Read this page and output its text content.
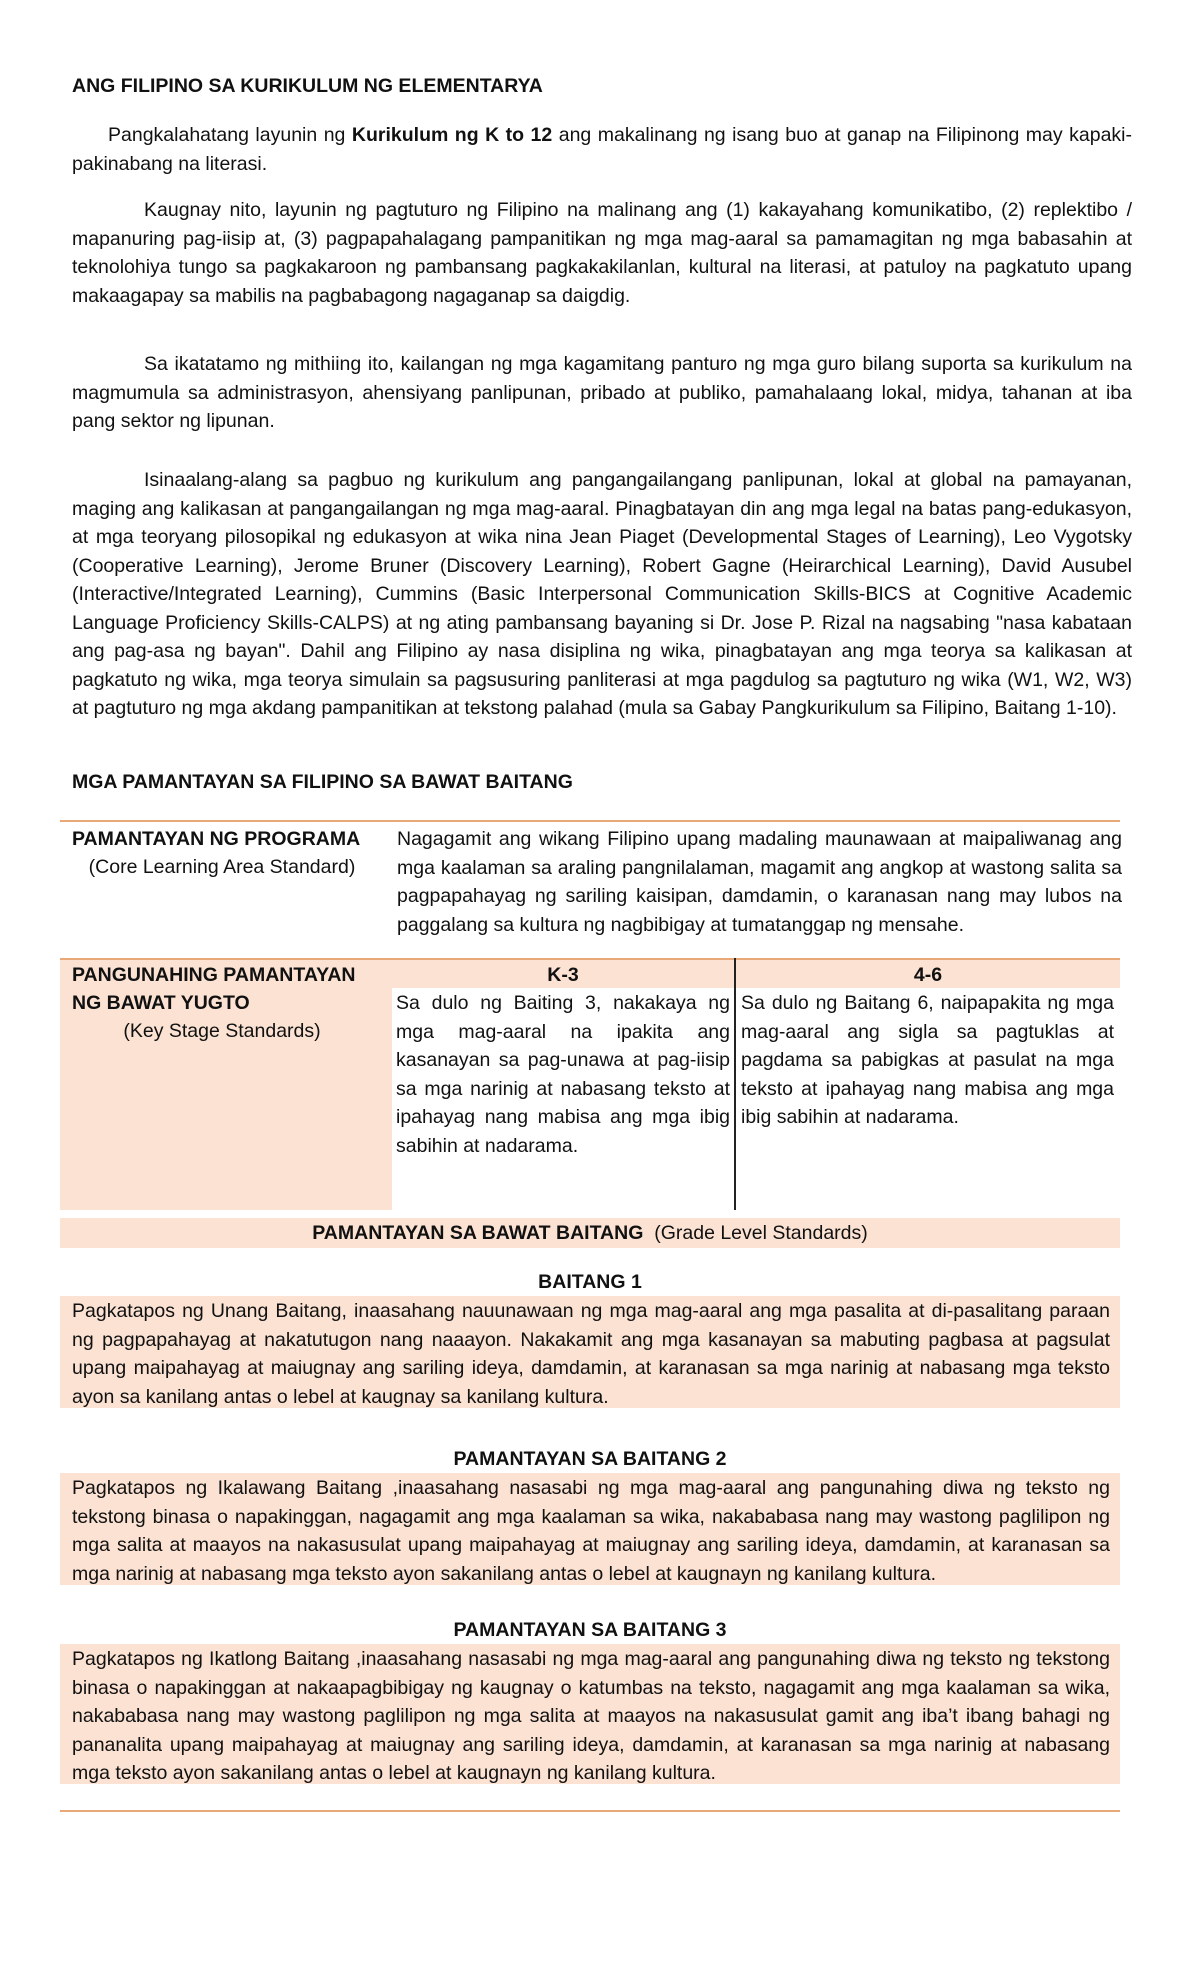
ANG FILIPINO SA KURIKULUM NG ELEMENTARYA

Pangkalahatang layunin ng Kurikulum ng K to 12 ang makalinang ng isang buo at ganap na Filipinong may kapaki-pakinabang na literasi.

Kaugnay nito, layunin ng pagtuturo ng Filipino na malinang ang (1) kakayahang komunikatibo, (2) replektibo / mapanuring pag-iisip at, (3) pagpapahalagang pampanitikan ng mga mag-aaral sa pamamagitan ng mga babasahin at teknolohiya tungo sa pagkakaroon ng pambansang pagkakakilanlan, kultural na literasi, at patuloy na pagkatuto upang makaagapay sa mabilis na pagbabagong nagaganap sa daigdig.

Sa ikatatamo ng mithiing ito, kailangan ng mga kagamitang panturo ng mga guro bilang suporta sa kurikulum na magmumula sa administrasyon, ahensiyang panlipunan, pribado at publiko, pamahalaang lokal, midya, tahanan at iba pang sektor ng lipunan.

Isinaalang-alang sa pagbuo ng kurikulum ang pangangailangang panlipunan, lokal at global na pamayanan, maging ang kalikasan at pangangailangan ng mga mag-aaral. Pinagbatayan din ang mga legal na batas pang-edukasyon, at mga teoryang pilosopikal ng edukasyon at wika nina Jean Piaget (Developmental Stages of Learning), Leo Vygotsky (Cooperative Learning), Jerome Bruner (Discovery Learning), Robert Gagne (Heirarchical Learning), David Ausubel (Interactive/Integrated Learning), Cummins (Basic Interpersonal Communication Skills-BICS at Cognitive Academic Language Proficiency Skills-CALPS) at ng ating pambansang bayaning si Dr. Jose P. Rizal na nagsabing "nasa kabataan ang pag-asa ng bayan". Dahil ang Filipino ay nasa disiplina ng wika, pinagbatayan ang mga teorya sa kalikasan at pagkatuto ng wika, mga teorya simulain sa pagsusuring panliterasi at mga pagdulog sa pagtuturo ng wika (W1, W2, W3) at pagtuturo ng mga akdang pampanitikan at tekstong palahad (mula sa Gabay Pangkurikulum sa Filipino, Baitang 1-10).

MGA PAMANTAYAN SA FILIPINO SA BAWAT BAITANG
PAMANTAYAN NG PROGRAMA
(Core Learning Area Standard)
Nagagamit ang wikang Filipino upang madaling maunawaan at maipaliwanag ang mga kaalaman sa araling pangnilalaman, magamit ang angkop at wastong salita sa pagpapahayag ng sariling kaisipan, damdamin, o karanasan nang may lubos na paggalang sa kultura ng nagbibigay at tumatanggap ng mensahe.
PANGUNAHING PAMANTAYAN
NG BAWAT YUGTO
(Key Stage Standards)
K-3	4-6
Sa dulo ng Baiting 3, nakakaya ng mga mag-aaral na ipakita ang kasanayan sa pag-unawa at pag-iisip sa mga narinig at nabasang teksto at ipahayag nang mabisa ang mga ibig sabihin at nadarama.
Sa dulo ng Baitang 6, naipapakita ng mga mag-aaral ang sigla sa pagtuklas at pagdama sa pabigkas at pasulat na mga teksto at ipahayag nang mabisa ang mga ibig sabihin at nadarama.
PAMANTAYAN SA BAWAT BAITANG (Grade Level Standards)
BAITANG 1
Pagkatapos ng Unang Baitang, inaasahang nauunawaan ng mga mag-aaral ang mga pasalita at di-pasalitang paraan ng pagpapahayag at nakatutugon nang naaayon. Nakakamit ang mga kasanayan sa mabuting pagbasa at pagsulat upang maipahayag at maiugnay ang sariling ideya, damdamin, at karanasan sa mga narinig at nabasang mga teksto ayon sa kanilang antas o lebel at kaugnay sa kanilang kultura.
PAMANTAYAN SA BAITANG 2
Pagkatapos ng Ikalawang Baitang ,inaasahang nasasabi ng mga mag-aaral ang pangunahing diwa ng teksto ng tekstong binasa o napakinggan, nagagamit ang mga kaalaman sa wika, nakababasa nang may wastong paglilipon ng mga salita at maayos na nakasusulat upang maipahayag at maiugnay ang sariling ideya, damdamin, at karanasan sa mga narinig at nabasang mga teksto ayon sakanilang antas o lebel at kaugnayn ng kanilang kultura.
PAMANTAYAN SA BAITANG 3
Pagkatapos ng Ikatlong Baitang ,inaasahang nasasabi ng mga mag-aaral ang pangunahing diwa ng teksto ng tekstong binasa o napakinggan at nakaapagbibigay ng kaugnay o katumbas na teksto, nagagamit ang mga kaalaman sa wika, nakababasa nang may wastong paglilipon ng mga salita at maayos na nakasusulat gamit ang iba’t ibang bahagi ng pananalita upang maipahayag at maiugnay ang sariling ideya, damdamin, at karanasan sa mga narinig at nabasang mga teksto ayon sakanilang antas o lebel at kaugnayn ng kanilang kultura.
